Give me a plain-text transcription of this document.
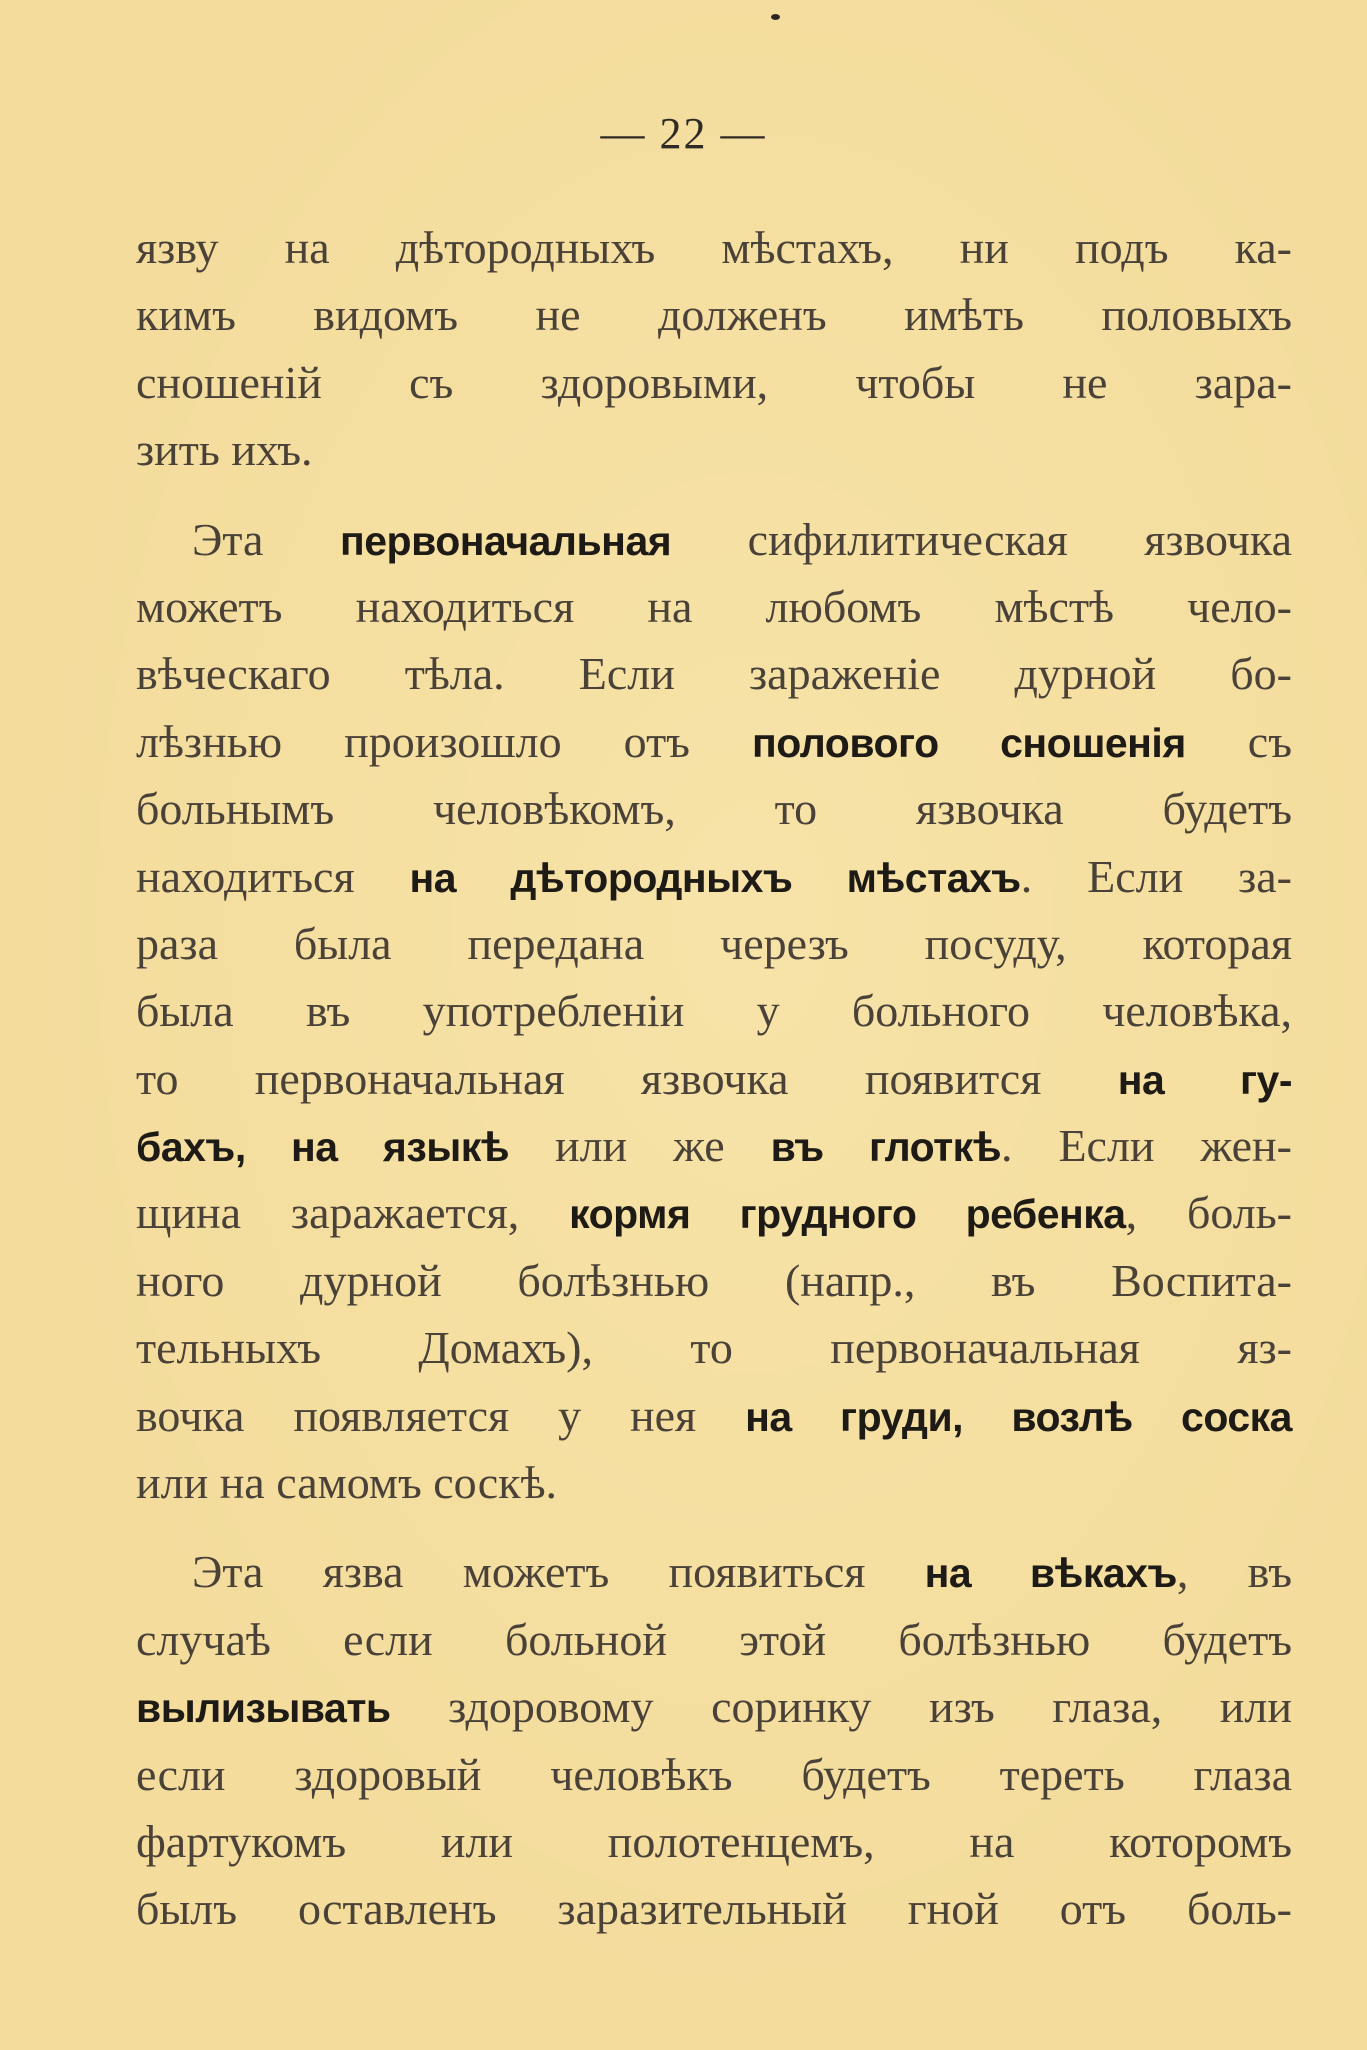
— 22 —
язву на дѣтородныхъ мѣстахъ, ни подъ ка-
кимъ видомъ не долженъ имѣть половыхъ
сношеній съ здоровыми, чтобы не зара-
зить ихъ.
Эта первоначальная сифилитическая язвочка
можетъ находиться на любомъ мѣстѣ чело-
вѣческаго тѣла. Если зараженіе дурной бо-
лѣзнью произошло отъ полового сношенія съ
больнымъ человѣкомъ, то язвочка будетъ
находиться на дѣтородныхъ мѣстахъ. Если за-
раза была передана черезъ посуду, которая
была въ употребленіи у больного человѣка,
то первоначальная язвочка появится на гу-
бахъ, на языкѣ или же въ глоткѣ. Если жен-
щина заражается, кормя грудного ребенка, боль-
ного дурной болѣзнью (напр., въ Воспита-
тельныхъ Домахъ), то первоначальная яз-
вочка появляется у нея на груди, возлѣ соска
или на самомъ соскѣ.
Эта язва можетъ появиться на вѣкахъ, въ
случаѣ если больной этой болѣзнью будетъ
вылизывать здоровому соринку изъ глаза, или
если здоровый человѣкъ будетъ тереть глаза
фартукомъ или полотенцемъ, на которомъ
былъ оставленъ заразительный гной отъ боль-
